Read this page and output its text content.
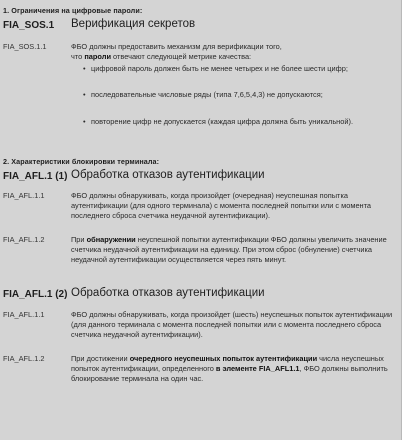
1. Ограничения на цифровые пароли:
FIA_SOS.1 Верификация секретов
FIA_SOS.1.1	ФБО должны предоставить механизм для верификации того,
что пароли отвечают следующей метрике качества:
• цифровой пароль должен быть не менее четырех и не более шести цифр;
• последовательные числовые ряды (типа 7,6,5,4,3) не допускаются;
• повторение цифр не допускается (каждая цифра должна быть уникальной).
2. Характеристики блокировки терминала:
FIA_AFL.1 (1) Обработка отказов аутентификации
FIA_AFL.1.1	ФБО должны обнаруживать, когда произойдет (очередная) неуспешная попытка аутентификации (для одного терминала) с момента последней попытки или с момента последнего сброса счетчика неудачной аутентификации).
FIA_AFL.1.2	При обнаружении неуспешной попытки аутентификации ФБО должны увеличить значение счетчика неудачной аутентификации на единицу. При этом сброс (обнуление) счетчика неудачной аутентификации осуществляется через пять минут.
FIA_AFL.1 (2) Обработка отказов аутентификации
FIA_AFL.1.1	ФБО должны обнаруживать, когда произойдет (шесть) неуспешных попыток аутентификации (для данного терминала с момента последней попытки или с момента последнего сброса счетчика неудачной аутентификации).
FIA_AFL.1.2	При достижении очередного неуспешных попыток аутентификации числа неуспешных попыток аутентификации, определенного в элементе FIA_AFL1.1, ФБО должны выполнить блокирование терминала на один час.
